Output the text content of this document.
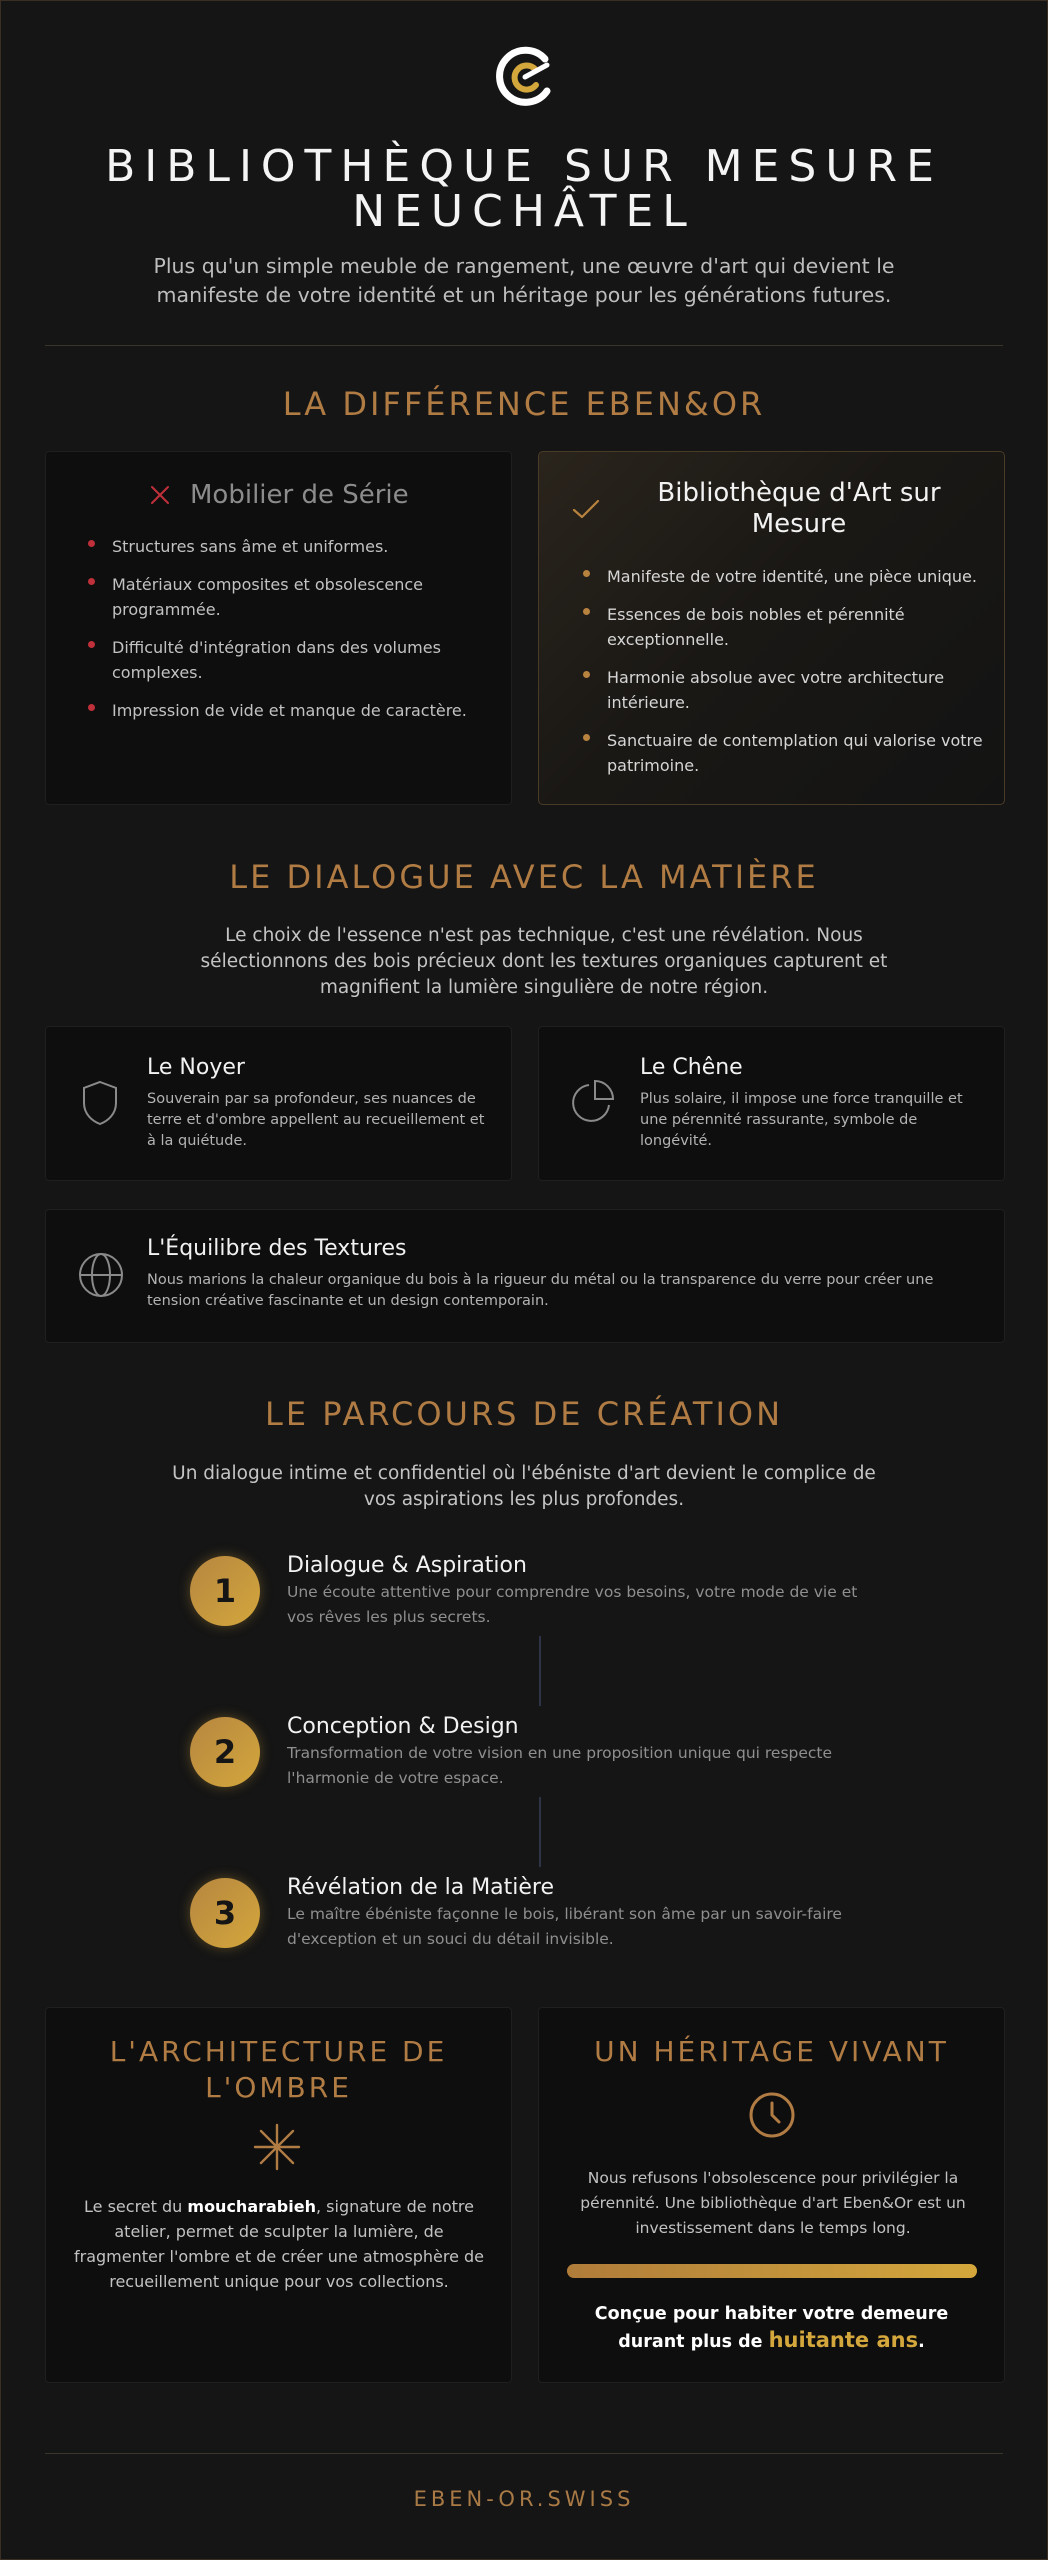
BIBLIOTHÈQUE SUR MESURE
NEUCHÂTEL
Plus qu'un simple meuble de rangement, une œuvre d'art qui devient le
manifeste de votre identité et un héritage pour les générations futures.
LA DIFFÉRENCE EBEN&OR
Mobilier de Série
Structures sans âme et uniformes.
Matériaux composites et obsolescence programmée.
Difficulté d'intégration dans des volumes complexes.
Impression de vide et manque de caractère.
Bibliothèque d'Art sur Mesure
Manifeste de votre identité, une pièce unique.
Essences de bois nobles et pérennité exceptionnelle.
Harmonie absolue avec votre architecture intérieure.
Sanctuaire de contemplation qui valorise votre patrimoine.
LE DIALOGUE AVEC LA MATIÈRE
Le choix de l'essence n'est pas technique, c'est une révélation. Nous sélectionnons des bois précieux dont les textures organiques capturent et magnifient la lumière singulière de notre région.
Le Noyer
Souverain par sa profondeur, ses nuances de terre et d'ombre appellent au recueillement et à la quiétude.
Le Chêne
Plus solaire, il impose une force tranquille et une pérennité rassurante, symbole de longévité.
L'Équilibre des Textures
Nous marions la chaleur organique du bois à la rigueur du métal ou la transparence du verre pour créer une tension créative fascinante et un design contemporain.
LE PARCOURS DE CRÉATION
Un dialogue intime et confidentiel où l'ébéniste d'art devient le complice de vos aspirations les plus profondes.
1
Dialogue & Aspiration
Une écoute attentive pour comprendre vos besoins, votre mode de vie et vos rêves les plus secrets.
2
Conception & Design
Transformation de votre vision en une proposition unique qui respecte l'harmonie de votre espace.
3
Révélation de la Matière
Le maître ébéniste façonne le bois, libérant son âme par un savoir-faire d'exception et un souci du détail invisible.
L'ARCHITECTURE DE L'OMBRE
Le secret du moucharabieh, signature de notre atelier, permet de sculpter la lumière, de fragmenter l'ombre et de créer une atmosphère de recueillement unique pour vos collections.
UN HÉRITAGE VIVANT
Nous refusons l'obsolescence pour privilégier la pérennité. Une bibliothèque d'art Eben&Or est un investissement dans le temps long.
Conçue pour habiter votre demeure
durant plus de huitante ans.
EBEN-OR.SWISS
